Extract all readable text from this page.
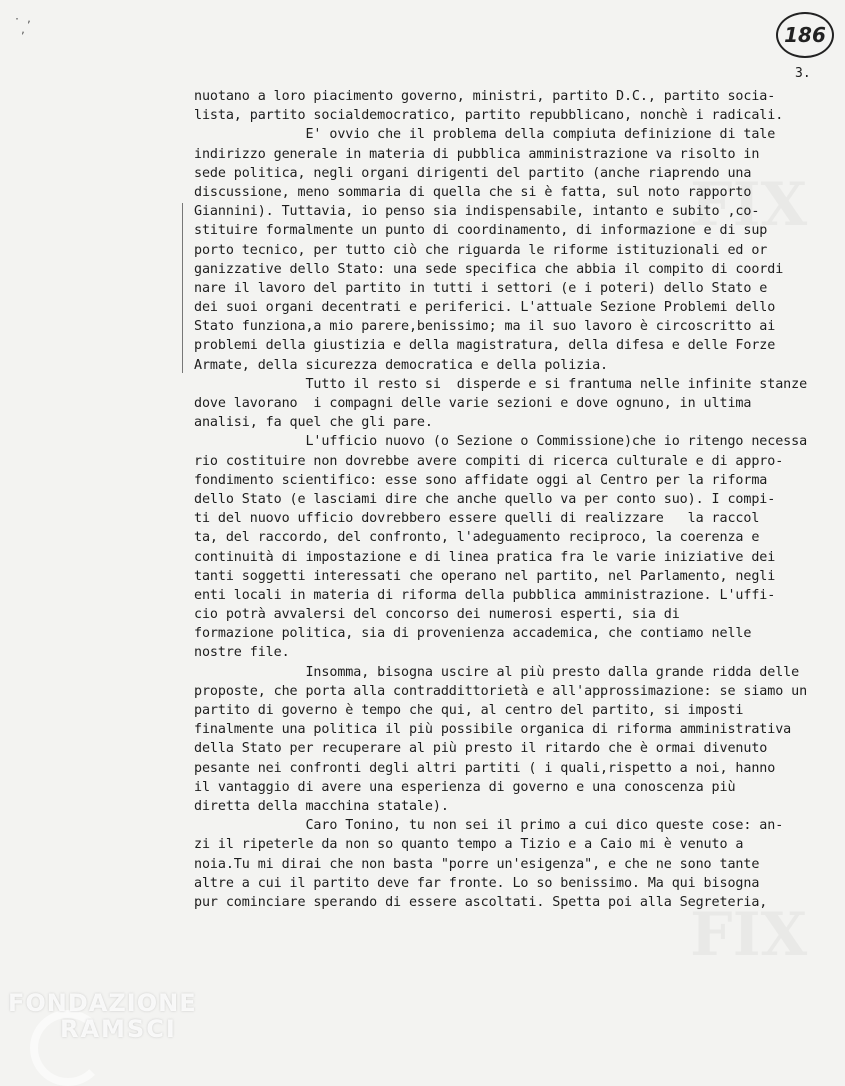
· ,
,	186
3.
nuotano a loro piacimento governo, ministri, partito D.C., partito socia-
lista, partito socialdemocratico, partito repubblicano, nonchè i radicali.
E' ovvio che il problema della compiuta definizione di tale
indirizzo generale in materia di pubblica amministrazione va risolto in
sede politica, negli organi dirigenti del partito (anche riaprendo una
discussione, meno sommaria di quella che si è fatta, sul noto rapporto
Giannini). Tuttavia, io penso sia indispensabile, intanto e subito ,co-
stituire formalmente un punto di coordinamento, di informazione e di sup
porto tecnico, per tutto ciò che riguarda le riforme istituzionali ed or
ganizzative dello Stato: una sede specifica che abbia il compito di coordi
nare il lavoro del partito in tutti i settori (e i poteri) dello Stato e
dei suoi organi decentrati e periferici. L'attuale Sezione Problemi dello
Stato funziona,a mio parere,benissimo; ma il suo lavoro è circoscritto ai
problemi della giustizia e della magistratura, della difesa e delle Forze
Armate, della sicurezza democratica e della polizia.
Tutto il resto si  disperde e si frantuma nelle infinite stanze
dove lavorano  i compagni delle varie sezioni e dove ognuno, in ultima
analisi, fa quel che gli pare.
L'ufficio nuovo (o Sezione o Commissione)che io ritengo necessa
rio costituire non dovrebbe avere compiti di ricerca culturale e di appro-
fondimento scientifico: esse sono affidate oggi al Centro per la riforma
dello Stato (e lasciami dire che anche quello va per conto suo). I compi-
ti del nuovo ufficio dovrebbero essere quelli di realizzare   la raccol
ta, del raccordo, del confronto, l'adeguamento reciproco, la coerenza e
continuità di impostazione e di linea pratica fra le varie iniziative dei
tanti soggetti interessati che operano nel partito, nel Parlamento, negli
enti locali in materia di riforma della pubblica amministrazione. L'uffi-
cio potrà avvalersi del concorso dei numerosi esperti, sia di
formazione politica, sia di provenienza accademica, che contiamo nelle
nostre file.
Insomma, bisogna uscire al più presto dalla grande ridda delle
proposte, che porta alla contraddittorietà e all'approssimazione: se siamo un
partito di governo è tempo che qui, al centro del partito, si imposti
finalmente una politica il più possibile organica di riforma amministrativa
della Stato per recuperare al più presto il ritardo che è ormai divenuto
pesante nei confronti degli altri partiti ( i quali,rispetto a noi, hanno
il vantaggio di avere una esperienza di governo e una conoscenza più
diretta della macchina statale).
Caro Tonino, tu non sei il primo a cui dico queste cose: an-
zi il ripeterle da non so quanto tempo a Tizio e a Caio mi è venuto a
noia.Tu mi dirai che non basta "porre un'esigenza", e che ne sono tante
altre a cui il partito deve far fronte. Lo so benissimo. Ma qui bisogna
pur cominciare sperando di essere ascoltati. Spetta poi alla Segreteria,
FONDAZIONE
RAMSCI
